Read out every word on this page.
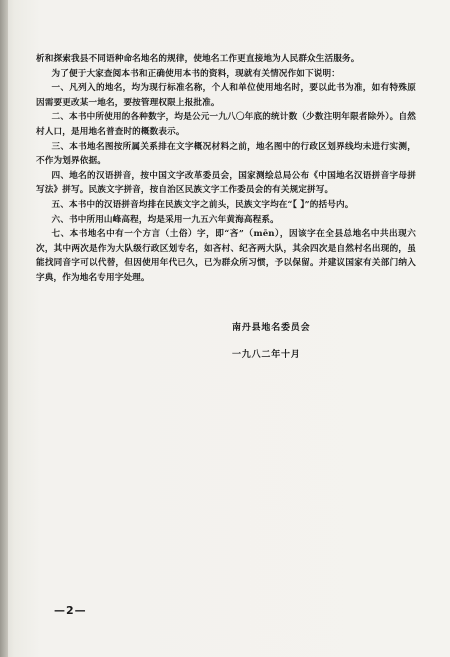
析和探索我县不同语种命名地名的规律，使地名工作更直接地为人民群众生活服务。

为了便于大家查阅本书和正确使用本书的资料，现就有关情况作如下说明：

一、凡列入的地名，均为现行标准名称，个人和单位使用地名时，要以此书为准，如有特殊原因需要更改某一地名，要按管理权限上报批准。

二、本书中所使用的各种数字，均是公元一九八〇年底的统计数（少数注明年限者除外）。自然村人口，是用地名普查时的概数表示。

三、本书地名图按所属关系排在文字概况材料之前，地名图中的行政区划界线均未进行实测，不作为划界依据。

四、地名的汉语拼音，按中国文字改革委员会，国家测绘总局公布《中国地名汉语拼音字母拼写法》拼写。民族文字拼音，按自治区民族文字工作委员会的有关规定拼写。

五、本书中的汉语拼音均排在民族文字之前头，民族文字均在“【 】”的括号内。

六、书中所用山峰高程，均是采用一九五六年黄海高程系。

七、本书地名中有一个方言（土俗）字，即“吝”（mēn），因该字在全县总地名中共出现六次，其中两次是作为大队级行政区划专名，如吝村、纪吝两大队，其余四次是自然村名出现的，虽能找同音字可以代替，但因使用年代已久，已为群众所习惯，予以保留。并建议国家有关部门纳入字典，作为地名专用字处理。

南丹县地名委员会
一九八二年十月
—2—
